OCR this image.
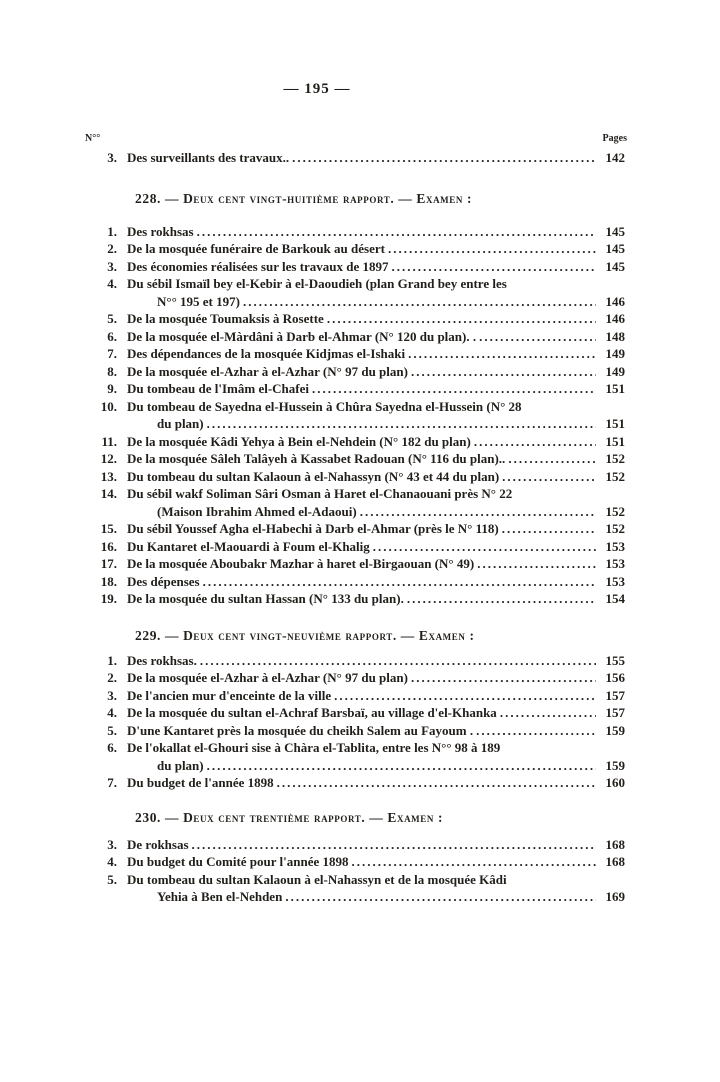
— 195 —
N°°	Pages
3. Des surveillants des travaux.. .....	142
228. — Deux cent vingt-huitième rapport. — Examen :
1. Des rokhsas .....	145
2. De la mosquée funéraire de Barkouk au désert .....	145
3. Des économies réalisées sur les travaux de 1897 .....	145
4. Du sébil Ismaïl bey el-Kebir à el-Daoudieh (plan Grand bey entre les
N°° 195 et 197) .....	146
5. De la mosquée Toumaksis à Rosette .....	146
6. De la mosquée el-Màrdâni à Darb el-Ahmar (N° 120 du plan). . .....	148
7. Des dépendances de la mosquée Kidjmas el-Ishaki .....	149
8. De la mosquée el-Azhar à el-Azhar (N° 97 du plan) .....	149
9. Du tombeau de l'Imâm el-Chafei .....	151
10. Du tombeau de Sayedna el-Hussein à Chûra Sayedna el-Hussein (N° 28
du plan) .....	151
11. De la mosquée Kâdi Yehya à Bein el-Nehdein (N° 182 du plan) .....	151
12. De la mosquée Sâleh Talâyeh à Kassabet Radouan (N° 116 du plan).. .....	152
13. Du tombeau du sultan Kalaoun à el-Nahassyn (N° 43 et 44 du plan) .....	152
14. Du sébil wakf Soliman Sâri Osman à Haret el-Chanaouani près N° 22
(Maison Ibrahim Ahmed el-Adaoui) .....	152
15. Du sébil Youssef Agha el-Habechi à Darb el-Ahmar (près le N° 118) .....	152
16. Du Kantaret el-Maouardi à Foum el-Khalig .....	153
17. De la mosquée Aboubakr Mazhar à haret el-Birgaouan (N° 49) .....	153
18. Des dépenses .....	153
19. De la mosquée du sultan Hassan (N° 133 du plan). .....	154
229. — Deux cent vingt-neuvième rapport. — Examen :
1. Des rokhsas. .....	155
2. De la mosquée el-Azhar à el-Azhar (N° 97 du plan) .....	156
3. De l'ancien mur d'enceinte de la ville .....	157
4. De la mosquée du sultan el-Achraf Barsbaï, au village d'el-Khanka .....	157
5. D'une Kantaret près la mosquée du cheikh Salem au Fayoum . .....	159
6. De l'okallat el-Ghouri sise à Chàra el-Tablita, entre les N°° 98 à 189
du plan) .....	159
7. Du budget de l'année 1898 .....	160
230. — Deux cent trentième rapport. — Examen :
3. De rokhsas .....	168
4. Du budget du Comité pour l'année 1898 .....	168
5. Du tombeau du sultan Kalaoun à el-Nahassyn et de la mosquée Kâdi
Yehia à Ben el-Nehden .....	169
